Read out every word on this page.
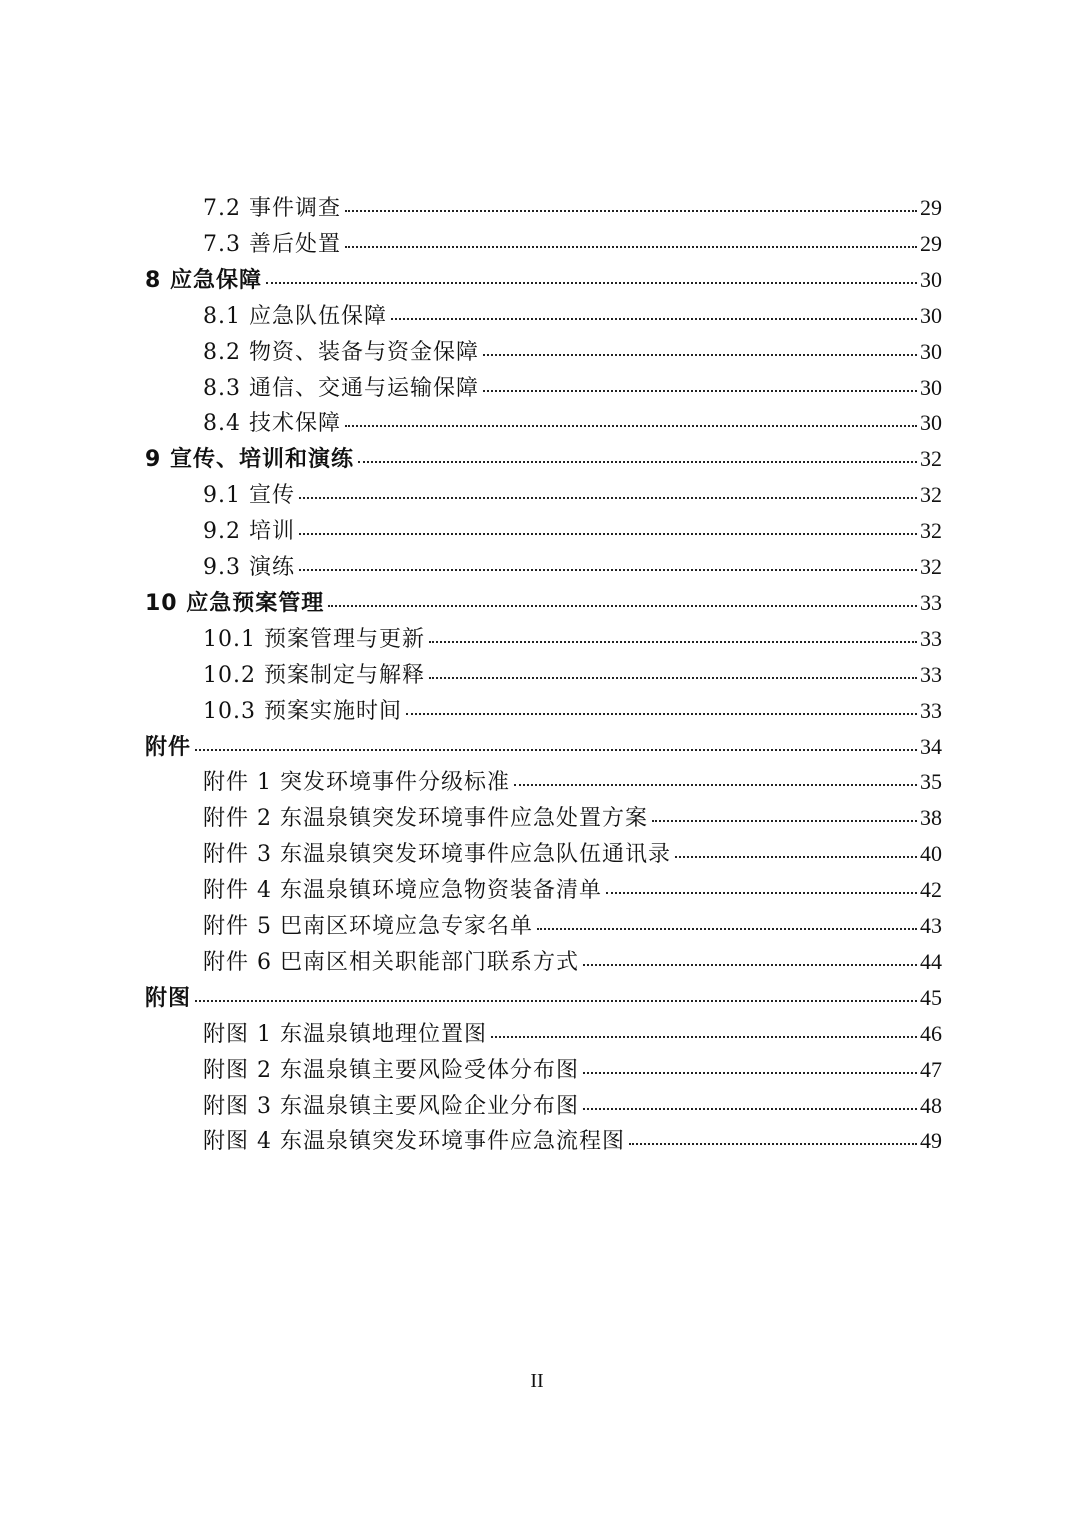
7.2 事件调查	29
7.3 善后处置	29
8 应急保障	30
8.1 应急队伍保障	30
8.2 物资、装备与资金保障	30
8.3 通信、交通与运输保障	30
8.4 技术保障	30
9 宣传、培训和演练	32
9.1 宣传	32
9.2 培训	32
9.3 演练	32
10 应急预案管理	33
10.1 预案管理与更新	33
10.2 预案制定与解释	33
10.3 预案实施时间	33
附件	34
附件 1 突发环境事件分级标准	35
附件 2 东温泉镇突发环境事件应急处置方案	38
附件 3 东温泉镇突发环境事件应急队伍通讯录	40
附件 4 东温泉镇环境应急物资装备清单	42
附件 5 巴南区环境应急专家名单	43
附件 6 巴南区相关职能部门联系方式	44
附图	45
附图 1 东温泉镇地理位置图	46
附图 2 东温泉镇主要风险受体分布图	47
附图 3 东温泉镇主要风险企业分布图	48
附图 4 东温泉镇突发环境事件应急流程图	49
II
